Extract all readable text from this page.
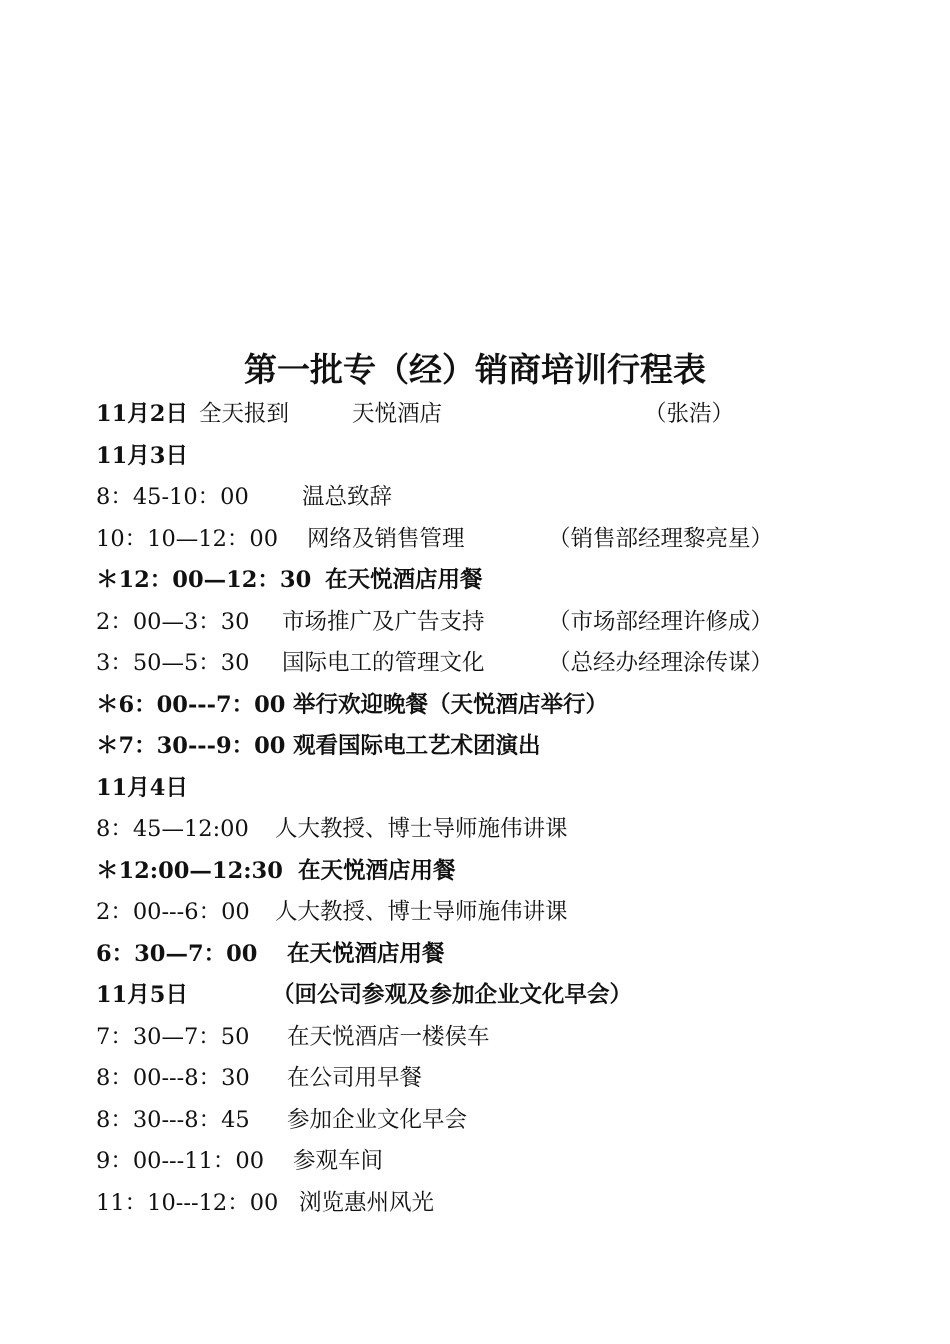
第一批专（经）销商培训行程表
11月2日 全天报到	天悦酒店	（张浩）
11月3日
8：45-10：00 温总致辞
10：10—12：00 网络及销售管理	（销售部经理黎亮星）
＊12：00—12：30 在天悦酒店用餐
2：00—3：30 市场推广及广告支持	（市场部经理许修成）
3：50—5：30 国际电工的管理文化	（总经办经理涂传谋）
＊6：00---7：00 举行欢迎晚餐（天悦酒店举行）
＊7：30---9：00 观看国际电工艺术团演出
11月4日
8：45—12:00 人大教授、博士导师施伟讲课
＊12:00—12:30 在天悦酒店用餐
2：00---6：00 人大教授、博士导师施伟讲课
6：30—7：00 在天悦酒店用餐
11月5日	（回公司参观及参加企业文化早会）
7：30—7：50 在天悦酒店一楼侯车
8：00---8：30 在公司用早餐
8：30---8：45 参加企业文化早会
9：00---11：00 参观车间
11：10---12：00 浏览惠州风光
